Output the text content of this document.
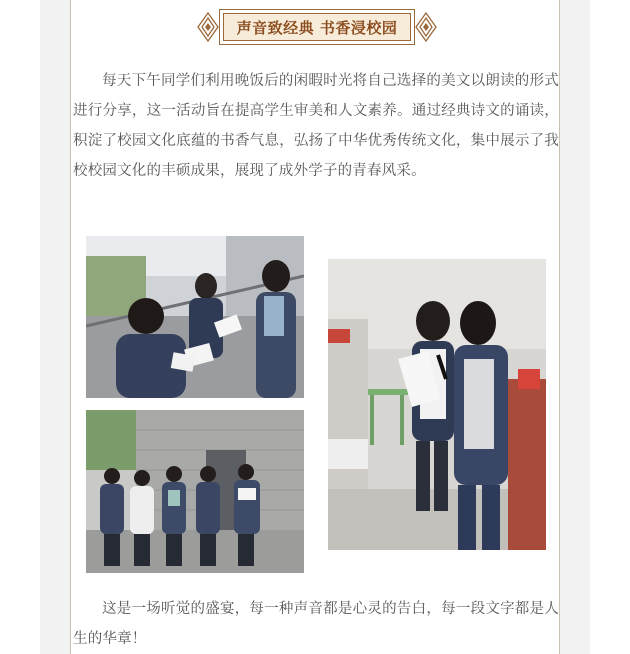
声音致经典 书香浸校园

每天下午同学们利用晚饭后的闲暇时光将自己选择的美文以朗读的形式进行分享，这一活动旨在提高学生审美和人文素养。通过经典诗文的诵读，积淀了校园文化底蕴的书香气息，弘扬了中华优秀传统文化，集中展示了我校校园文化的丰硕成果，展现了成外学子的青春风采。

这是一场听觉的盛宴，每一种声音都是心灵的告白，每一段文字都是人生的华章！
